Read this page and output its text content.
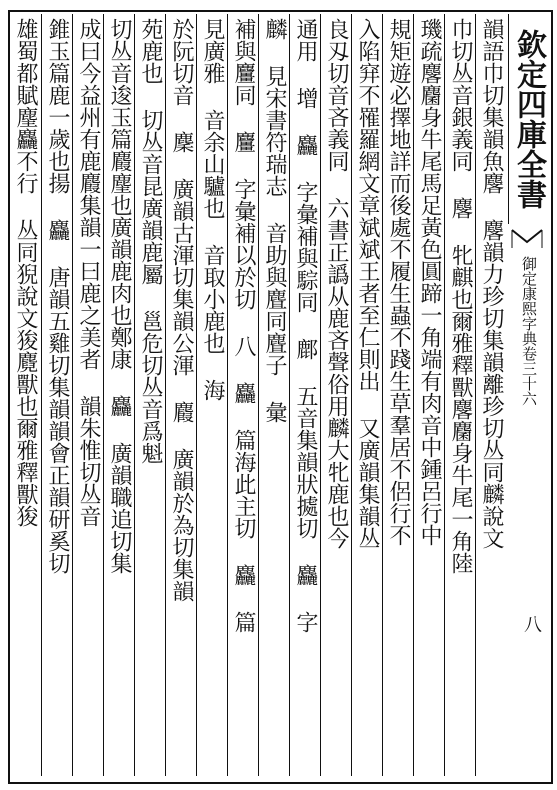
欽定四庫全書
御定康熙字典卷三十六
八
韻語巾切集韻魚麐 麐韻力珍切集韻離珍切丛同麟說文
巾切丛音銀義同 麐 牝麒也爾雅釋獸麐麕身牛尾一角陸
璣疏麐麕身牛尾馬足黃色圓蹄一角端有肉音中鍾呂行中
規矩遊必擇地詳而後處不履生蟲不踐生草羣居不侶行不
入陷穽不罹羅網文章斌斌王者至仁則出 又廣韻集韻丛
良刄切音吝義同 六書正譌从鹿吝聲俗用麟大牝鹿也今
通用 增 麤 字彙補與騌同 鄜 五音集韻狀㨿切 麤 字
麟 見宋書符瑞志 音助與麆同麆子 彙
補與麠同 麠 字彙補以於切 八 麤 篇海此主切 麤 篇
見廣雅 音余山驢也 音取小鹿也 海
於阮切音 麇 廣韻古渾切集韻公渾 麚 廣韻於為切集韻
苑鹿也 切丛音昆廣韻鹿屬 邕危切丛音爲魁
切丛音逡玉篇麚麈也廣韻鹿肉也鄭康 麤 廣韻職追切集
成曰今益州有鹿麚集韻一曰鹿之美者 韻朱惟切丛音
錐玉篇鹿一歲也揚 麤 唐韻五雞切集韻韻會正韻研奚切
雄蜀都賦麈麤不行 丛同猊說文狻麑獸也爾雅釋獸狻
